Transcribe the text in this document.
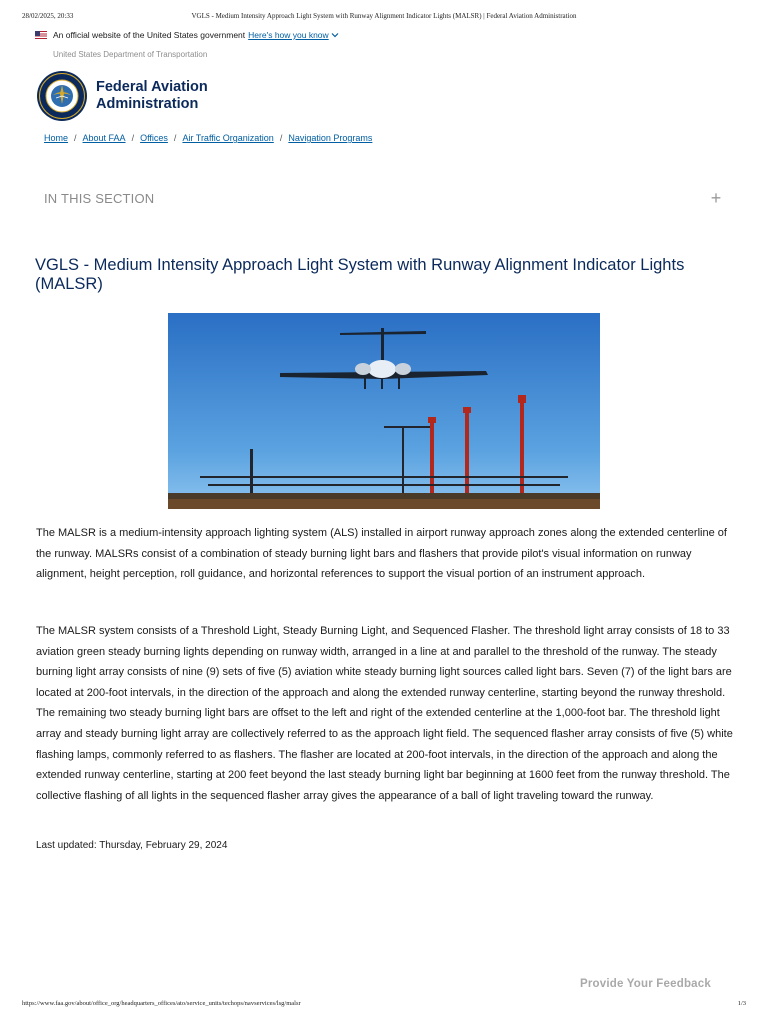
28/02/2025, 20:33	VGLS - Medium Intensity Approach Light System with Runway Alignment Indicator Lights (MALSR) | Federal Aviation Administration
An official website of the United States government Here's how you know
United States Department of Transportation
Federal Aviation
Administration
Home / About FAA / Offices / Air Traffic Organization / Navigation Programs
IN THIS SECTION	+
VGLS - Medium Intensity Approach Light System with Runway Alignment Indicator Lights (MALSR)

The MALSR is a medium-intensity approach lighting system (ALS) installed in airport runway approach zones along the extended centerline of the runway. MALSRs consist of a combination of steady burning light bars and flashers that provide pilot's visual information on runway alignment, height perception, roll guidance, and horizontal references to support the visual portion of an instrument approach.

The MALSR system consists of a Threshold Light, Steady Burning Light, and Sequenced Flasher. The threshold light array consists of 18 to 33 aviation green steady burning lights depending on runway width, arranged in a line at and parallel to the threshold of the runway. The steady burning light array consists of nine (9) sets of five (5) aviation white steady burning light sources called light bars. Seven (7) of the light bars are located at 200-foot intervals, in the direction of the approach and along the extended runway centerline, starting beyond the runway threshold. The remaining two steady burning light bars are offset to the left and right of the extended centerline at the 1,000-foot bar. The threshold light array and steady burning light array are collectively referred to as the approach light field. The sequenced flasher array consists of five (5) white flashing lamps, commonly referred to as flashers. The flasher are located at 200-foot intervals, in the direction of the approach and along the extended runway centerline, starting at 200 feet beyond the last steady burning light bar beginning at 1600 feet from the runway threshold. The collective flashing of all lights in the sequenced flasher array gives the appearance of a ball of light traveling toward the runway.

Last updated: Thursday, February 29, 2024
Provide Your Feedback
https://www.faa.gov/about/office_org/headquarters_offices/ato/service_units/techops/navservices/lsg/malsr	1/3
